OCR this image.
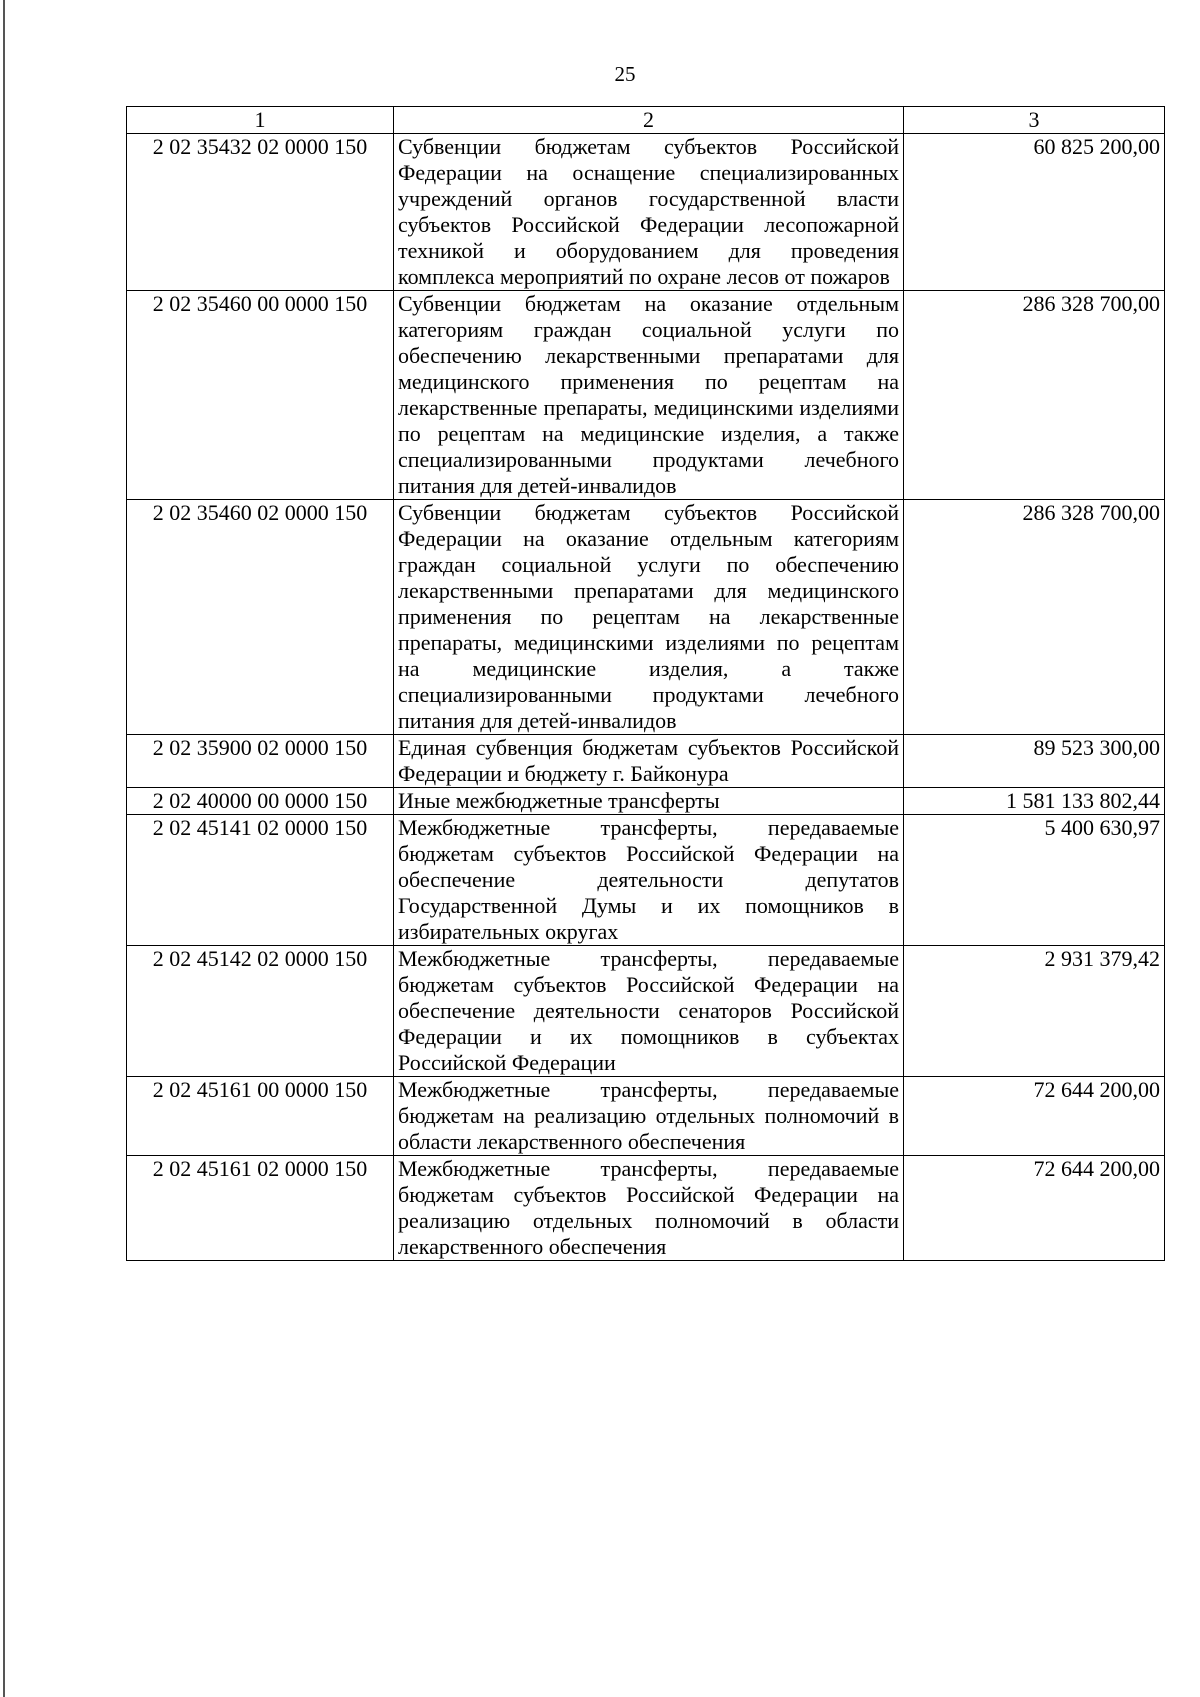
25
1	2	3
2 02 35432 02 0000 150	Субвенции бюджетам субъектов Российской Федерации на оснащение специализированных учреждений органов государственной власти субъектов Российской Федерации лесопожарной техникой и оборудованием для проведения комплекса мероприятий по охране лесов от пожаров	60 825 200,00
2 02 35460 00 0000 150	Субвенции бюджетам на оказание отдельным категориям граждан социальной услуги по обеспечению лекарственными препаратами для медицинского применения по рецептам на лекарственные препараты, медицинскими изделиями по рецептам на медицинские изделия, а также специализированными продуктами лечебного питания для детей-инвалидов	286 328 700,00
2 02 35460 02 0000 150	Субвенции бюджетам субъектов Российской Федерации на оказание отдельным категориям граждан социальной услуги по обеспечению лекарственными препаратами для медицинского применения по рецептам на лекарственные препараты, медицинскими изделиями по рецептам на медицинские изделия, а также специализированными продуктами лечебного питания для детей-инвалидов	286 328 700,00
2 02 35900 02 0000 150	Единая субвенция бюджетам субъектов Российской Федерации и бюджету г. Байконура	89 523 300,00
2 02 40000 00 0000 150	Иные межбюджетные трансферты	1 581 133 802,44
2 02 45141 02 0000 150	Межбюджетные трансферты, передаваемые бюджетам субъектов Российской Федерации на обеспечение деятельности депутатов Государственной Думы и их помощников в избирательных округах	5 400 630,97
2 02 45142 02 0000 150	Межбюджетные трансферты, передаваемые бюджетам субъектов Российской Федерации на обеспечение деятельности сенаторов Российской Федерации и их помощников в субъектах Российской Федерации	2 931 379,42
2 02 45161 00 0000 150	Межбюджетные трансферты, передаваемые бюджетам на реализацию отдельных полномочий в области лекарственного обеспечения	72 644 200,00
2 02 45161 02 0000 150	Межбюджетные трансферты, передаваемые бюджетам субъектов Российской Федерации на реализацию отдельных полномочий в области лекарственного обеспечения	72 644 200,00
